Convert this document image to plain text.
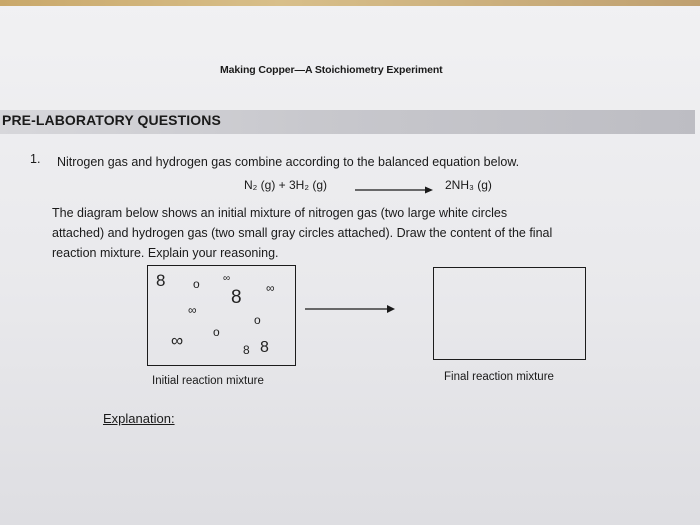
Making Copper—A Stoichiometry Experiment
PRE-LABORATORY QUESTIONS
1. Nitrogen gas and hydrogen gas combine according to the balanced equation below.
N₂ (g) + 3H₂ (g)	2NH₃ (g)
The diagram below shows an initial mixture of nitrogen gas (two large white circles
attached) and hydrogen gas (two small gray circles attached). Draw the content of the final
reaction mixture. Explain your reasoning.
8 o
8 ∞
∞
o
o
∞	8 8
∞
Initial reaction mixture	Final reaction mixture
Explanation:
